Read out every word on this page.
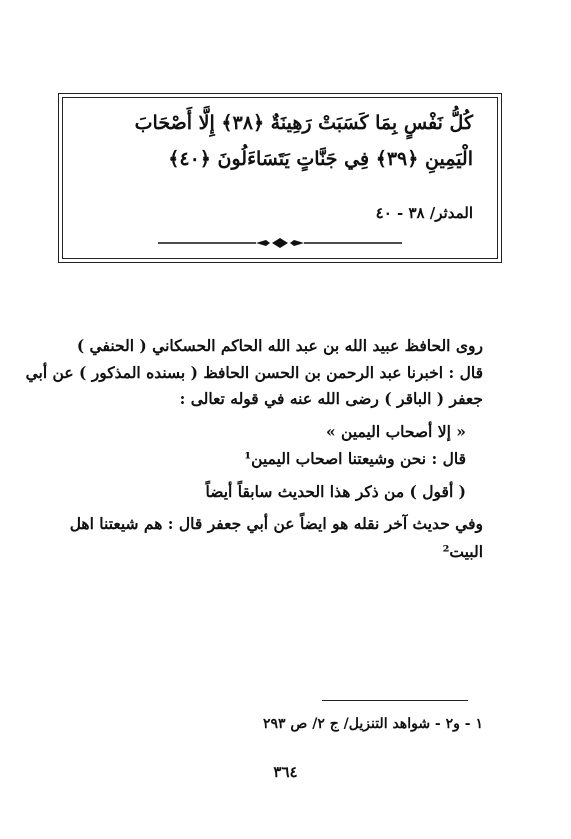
كُلُّ نَفْسٍ بِمَا كَسَبَتْ رَهِينَةٌ ﴿٣٨﴾ إِلَّا أَصْحَابَ
الْيَمِينِ ﴿٣٩﴾ فِي جَنَّاتٍ يَتَسَاءَلُونَ ﴿٤٠﴾
المدثر/ ٣٨ - ٤٠
روى الحافظ عبيد الله بن عبد الله الحاكم الحسكاني ( الحنفي )
قال : اخبرنا عبد الرحمن بن الحسن الحافظ ( بسنده المذكور ) عن أبي
جعفر ( الباقر ) رضى الله عنه في قوله تعالى :
« إلا أصحاب اليمين »
قال : نحن وشيعتنا اصحاب اليمين¹
( أقول ) من ذكر هذا الحديث سابقاً أيضاً
وفي حديث آخر نقله هو ايضاً عن أبي جعفر قال : هم شيعتنا اهل
البيت²
١ - و٢ - شواهد التنزيل/ ج ٢/ ص ٢٩٣
٣٦٤
